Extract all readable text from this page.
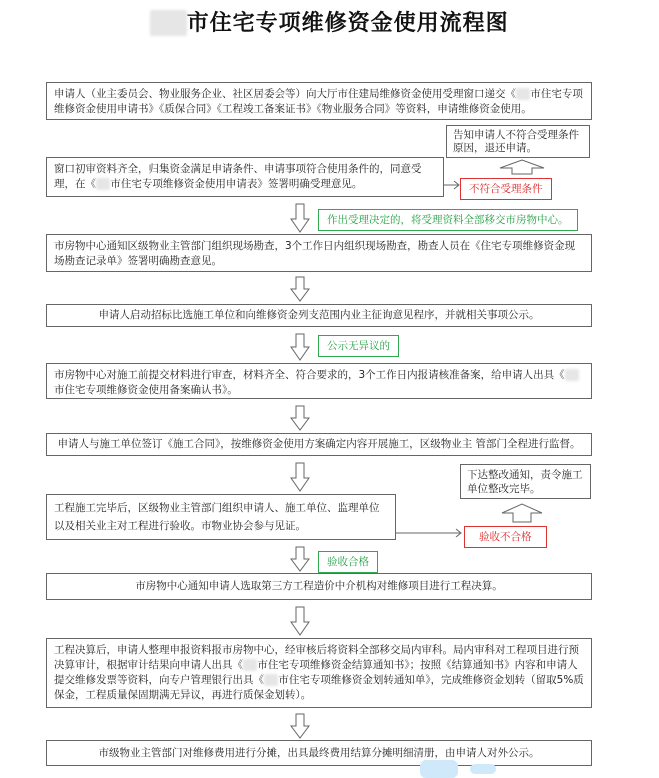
市住宅专项维修资金使用流程图
申请人（业主委员会、物业服务企业、社区居委会等）向大厅市住建局维修资金使用受理窗口递交《 市住宅专项维修资金使用申请书》《质保合同》《工程竣工备案证书》《物业服务合同》等资料，申请维修资金使用。
告知申请人不符合受理条件原因，退还申请。
窗口初审资料齐全，归集资金满足申请条件、申请事项符合使用条件的，同意受理，在《 市住宅专项维修资金使用申请表》签署明确受理意见。	不符合受理条件
作出受理决定的，将受理资料全部移交市房物中心。
市房物中心通知区级物业主管部门组织现场勘查，3个工作日内组织现场勘查，勘查人员在《住宅专项维修资金现场勘查记录单》签署明确勘查意见。
申请人启动招标比选施工单位和向维修资金列支范围内业主征询意见程序，并就相关事项公示。
公示无异议的
市房物中心对施工前提交材料进行审查，材料齐全、符合要求的，3个工作日内报请核准备案，给申请人出具《市住宅专项维修资金使用备案确认书》。
申请人与施工单位签订《施工合同》，按维修资金使用方案确定内容开展施工，区级物业主 管部门全程进行监督。
下达整改通知，责令施工单位整改完毕。
工程施工完毕后，区级物业主管部门组织申请人、施工单位、监理单位以及相关业主对工程进行验收。市物业协会参与见证。
验收不合格
验收合格
市房物中心通知申请人选取第三方工程造价中介机构对维修项目进行工程决算。
工程决算后，申请人整理申报资料报市房物中心，经审核后将资料全部移交局内审科。局内审科对工程项目进行预决算审计，根据审计结果向申请人出具《 市住宅专项维修资金结算通知书》；按照《结算通知书》内容和申请人提交维修发票等资料，向专户管理银行出具《 市住宅专项维修资金划转通知单》，完成维修资金划转（留取5%质保金，工程质量保固期满无异议，再进行质保金划转）。
市级物业主管部门对维修费用进行分摊，出具最终费用结算分摊明细清册，由申请人对外公示。
